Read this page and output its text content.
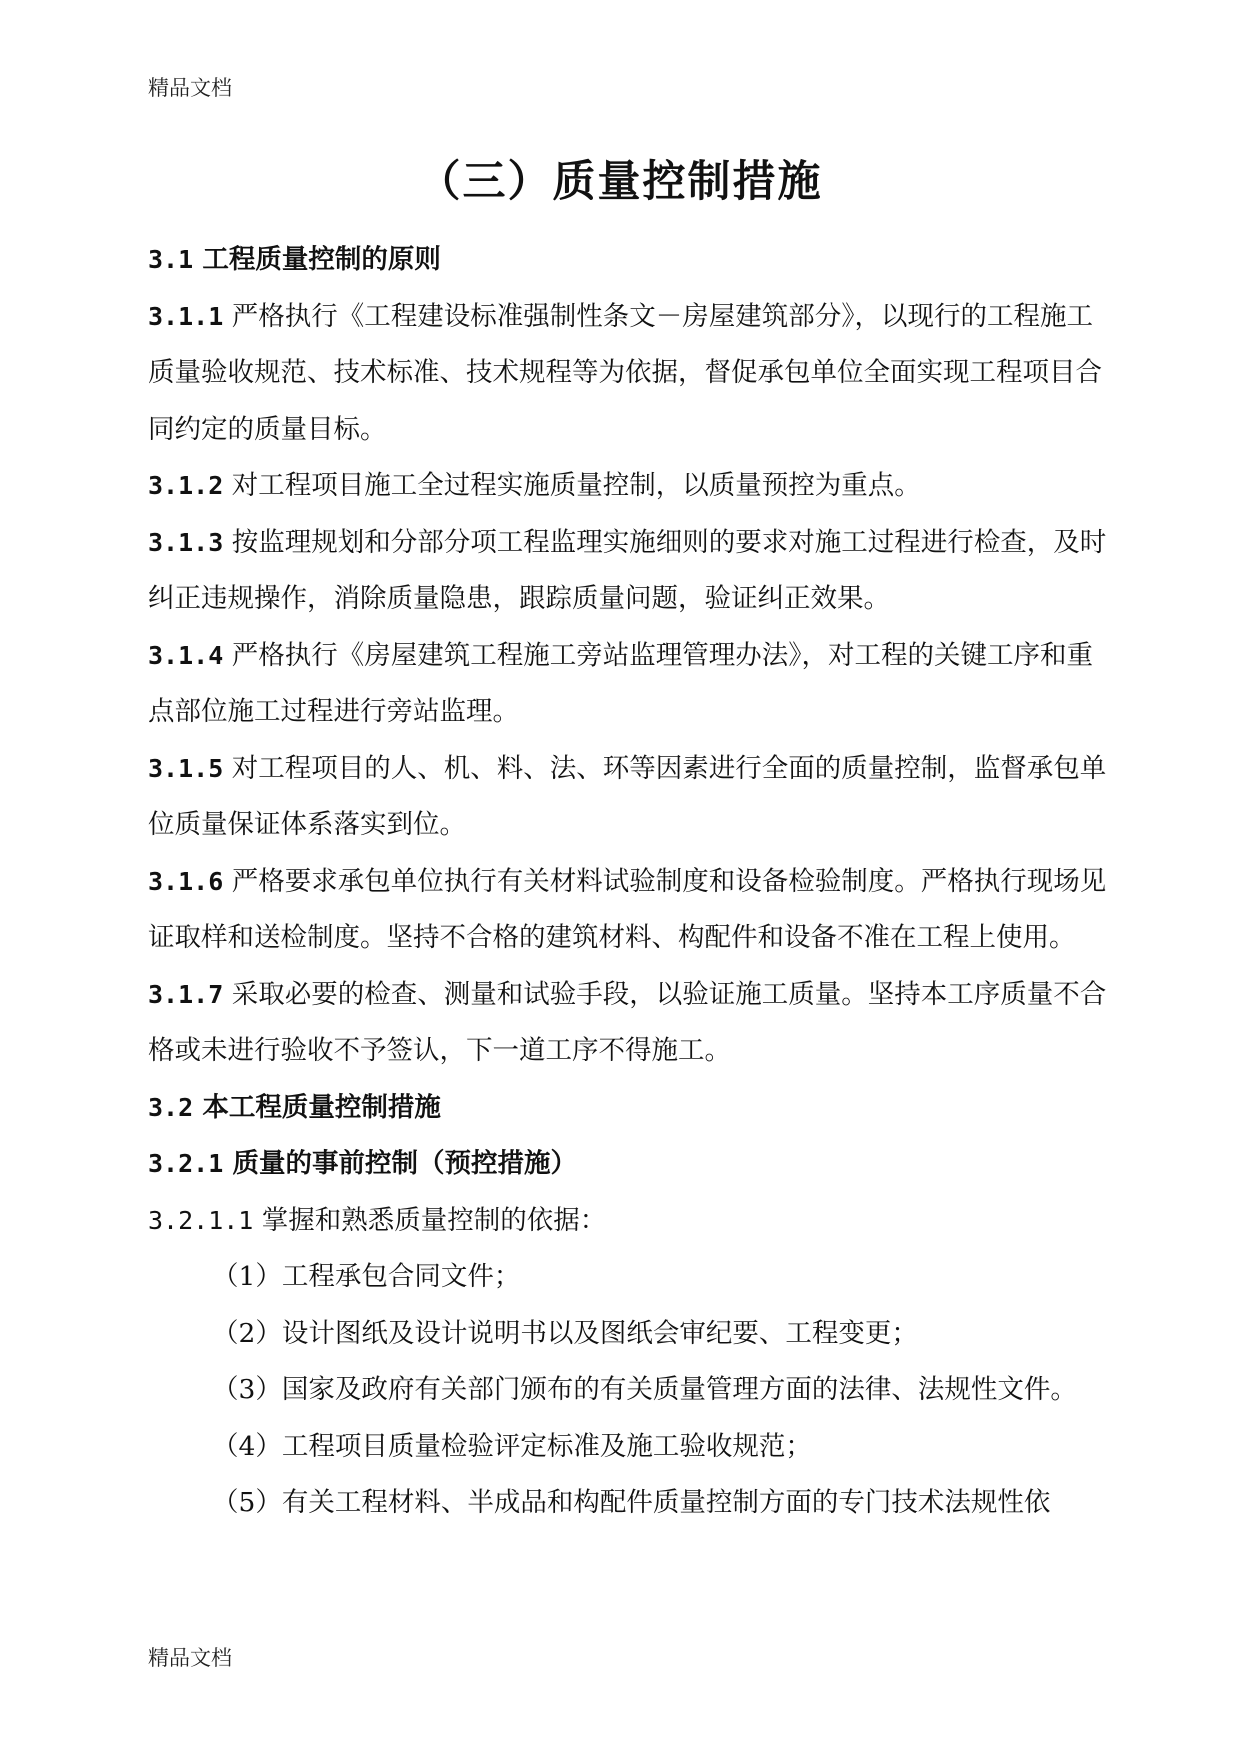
精品文档
（三）质量控制措施

3.1 工程质量控制的原则

3.1.1 严格执行《工程建设标准强制性条文－房屋建筑部分》，以现行的工程施工质量验收规范、技术标准、技术规程等为依据，督促承包单位全面实现工程项目合同约定的质量目标。

3.1.2 对工程项目施工全过程实施质量控制，以质量预控为重点。

3.1.3 按监理规划和分部分项工程监理实施细则的要求对施工过程进行检查，及时纠正违规操作，消除质量隐患，跟踪质量问题，验证纠正效果。

3.1.4 严格执行《房屋建筑工程施工旁站监理管理办法》，对工程的关键工序和重点部位施工过程进行旁站监理。

3.1.5 对工程项目的人、机、料、法、环等因素进行全面的质量控制，监督承包单位质量保证体系落实到位。

3.1.6 严格要求承包单位执行有关材料试验制度和设备检验制度。严格执行现场见证取样和送检制度。坚持不合格的建筑材料、构配件和设备不准在工程上使用。

3.1.7 采取必要的检查、测量和试验手段，以验证施工质量。坚持本工序质量不合格或未进行验收不予签认，下一道工序不得施工。

3.2 本工程质量控制措施

3.2.1 质量的事前控制（预控措施）

3.2.1.1 掌握和熟悉质量控制的依据：

（1）工程承包合同文件；

（2）设计图纸及设计说明书以及图纸会审纪要、工程变更；

（3）国家及政府有关部门颁布的有关质量管理方面的法律、法规性文件。

（4）工程项目质量检验评定标准及施工验收规范；

（5）有关工程材料、半成品和构配件质量控制方面的专门技术法规性依

精品文档
